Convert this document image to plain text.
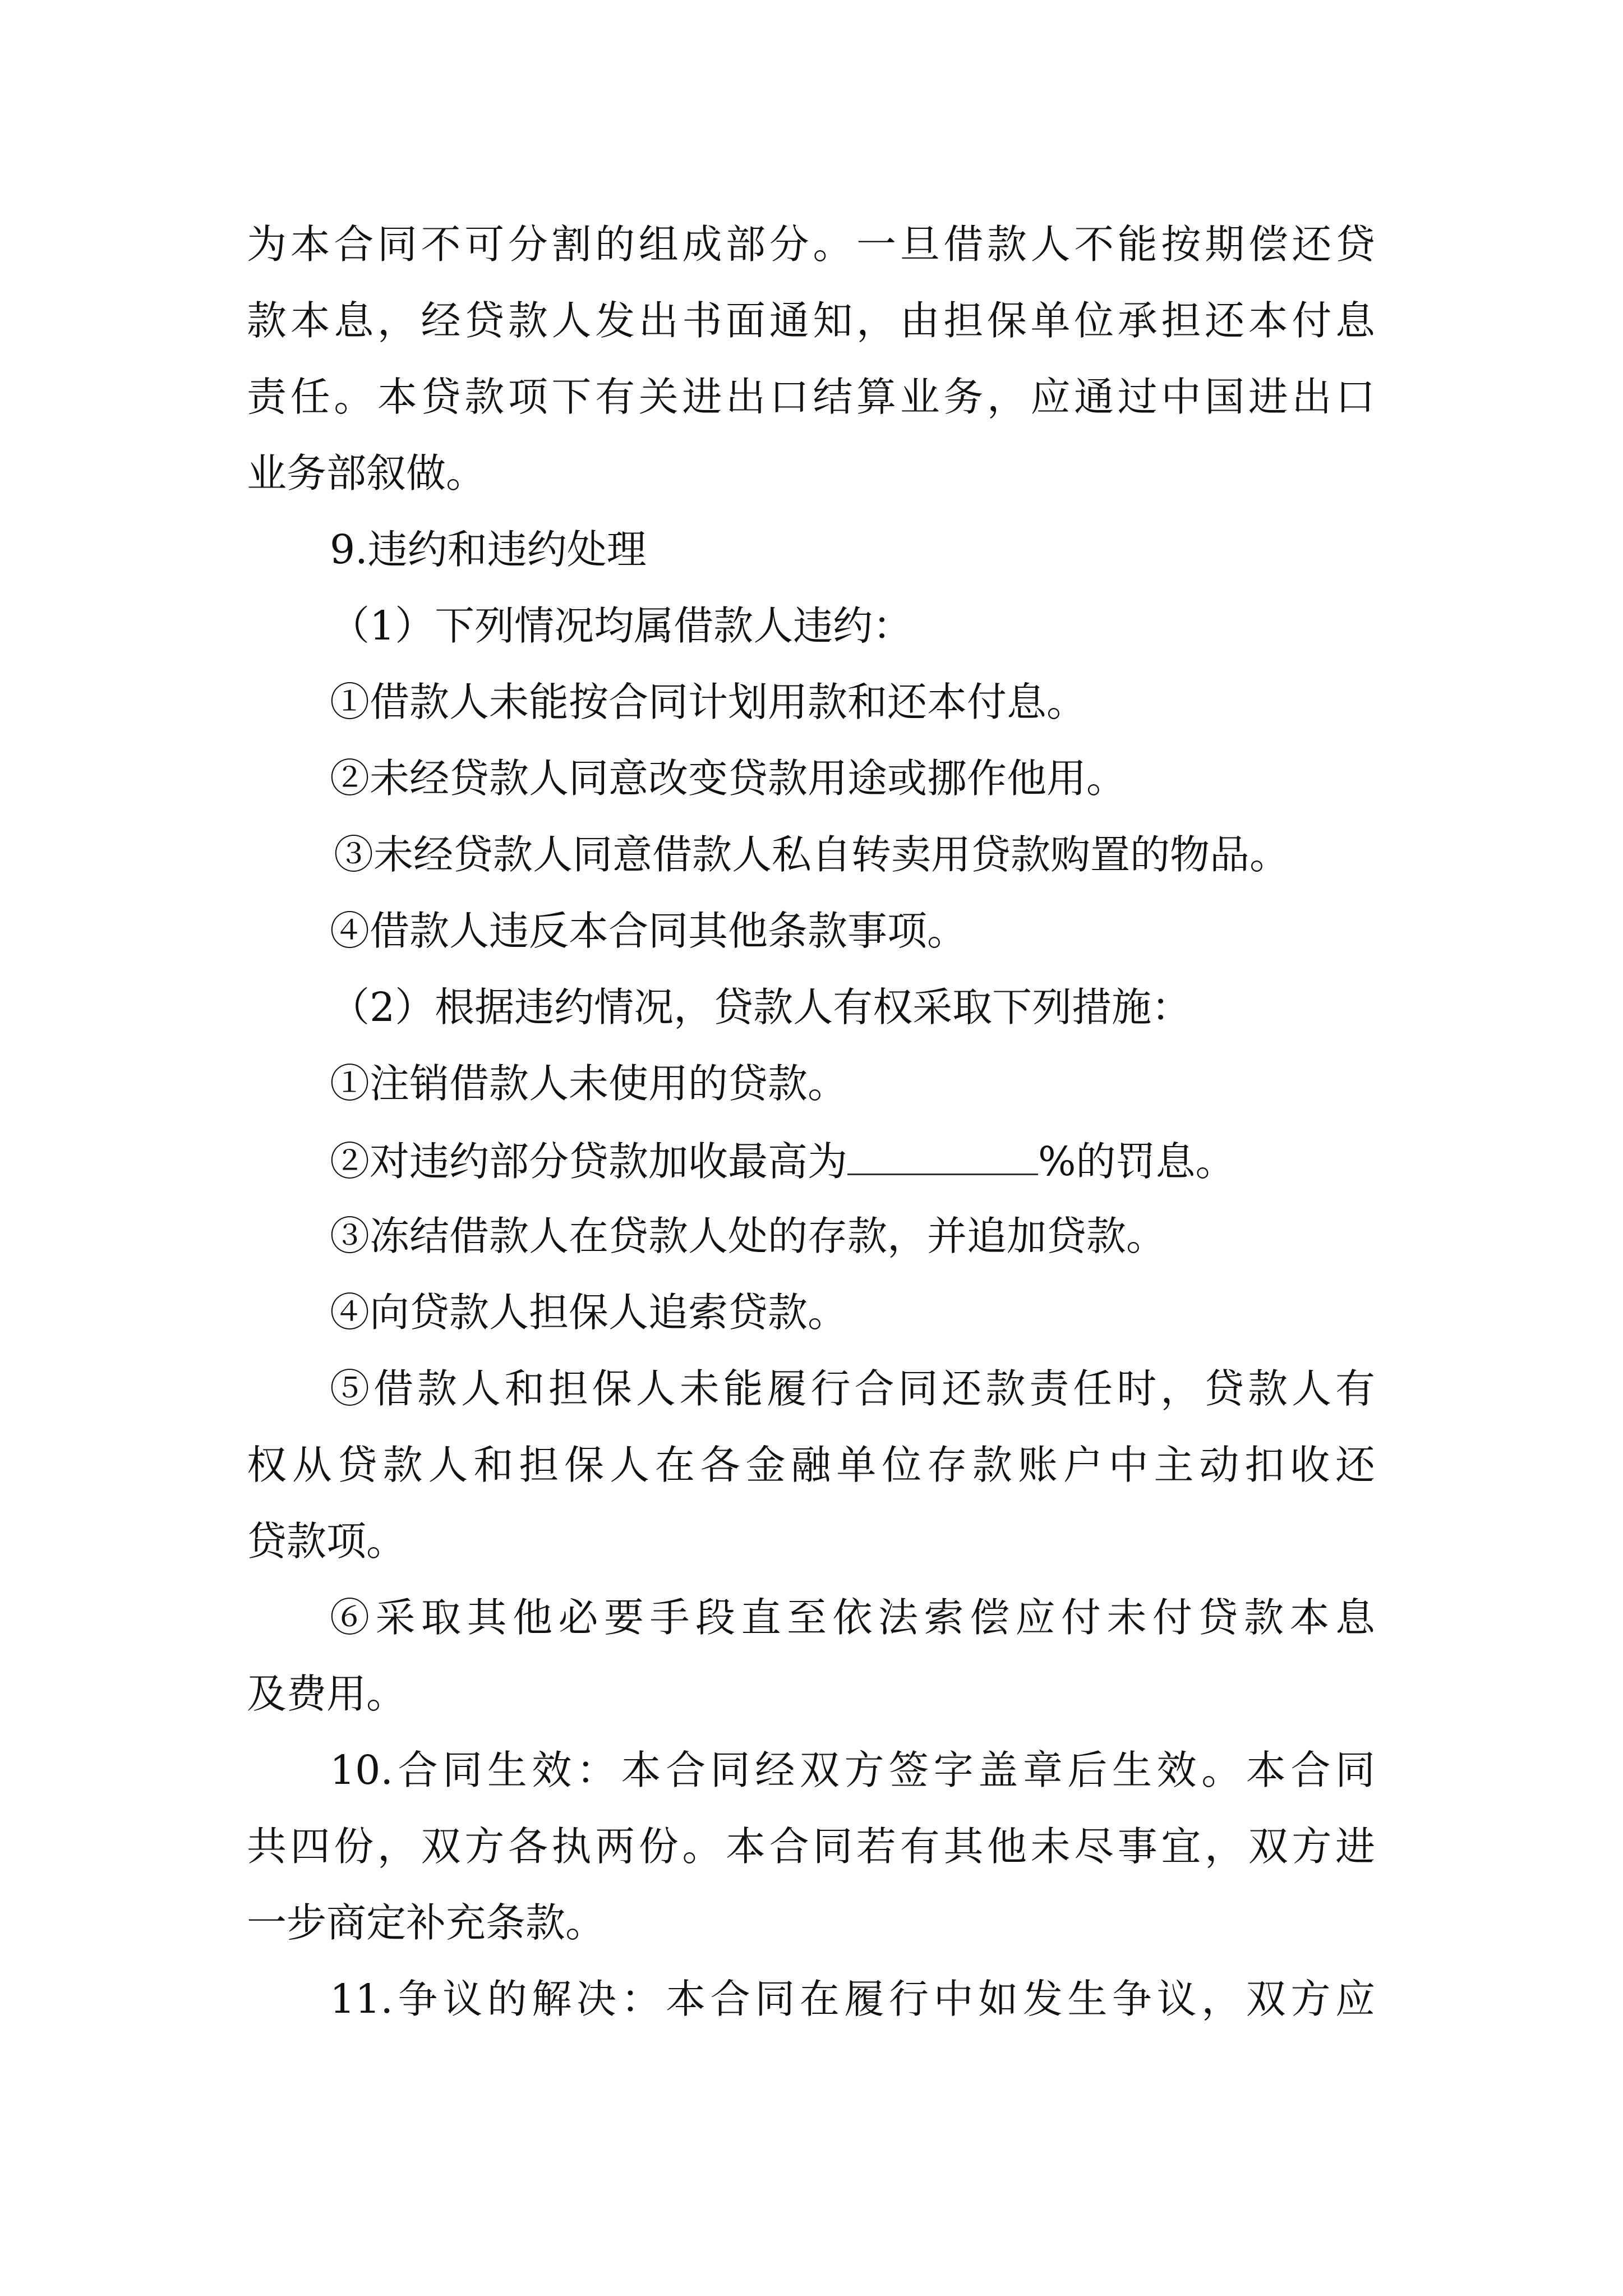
为本合同不可分割的组成部分。一旦借款人不能按期偿还贷
款本息，经贷款人发出书面通知，由担保单位承担还本付息
责任。本贷款项下有关进出口结算业务，应通过中国进出口
业务部叙做。
9.违约和违约处理
（1）下列情况均属借款人违约：
①借款人未能按合同计划用款和还本付息。
②未经贷款人同意改变贷款用途或挪作他用。
③未经贷款人同意借款人私自转卖用贷款购置的物品。
④借款人违反本合同其他条款事项。
（2）根据违约情况，贷款人有权采取下列措施：
①注销借款人未使用的贷款。
②对违约部分贷款加收最高为	%的罚息。
③冻结借款人在贷款人处的存款，并追加贷款。
④向贷款人担保人追索贷款。
⑤借款人和担保人未能履行合同还款责任时，贷款人有
权从贷款人和担保人在各金融单位存款账户中主动扣收还
贷款项。
⑥采取其他必要手段直至依法索偿应付未付贷款本息
及费用。
10.合同生效：本合同经双方签字盖章后生效。本合同
共四份，双方各执两份。本合同若有其他未尽事宜，双方进
一步商定补充条款。
11.争议的解决：本合同在履行中如发生争议，双方应
